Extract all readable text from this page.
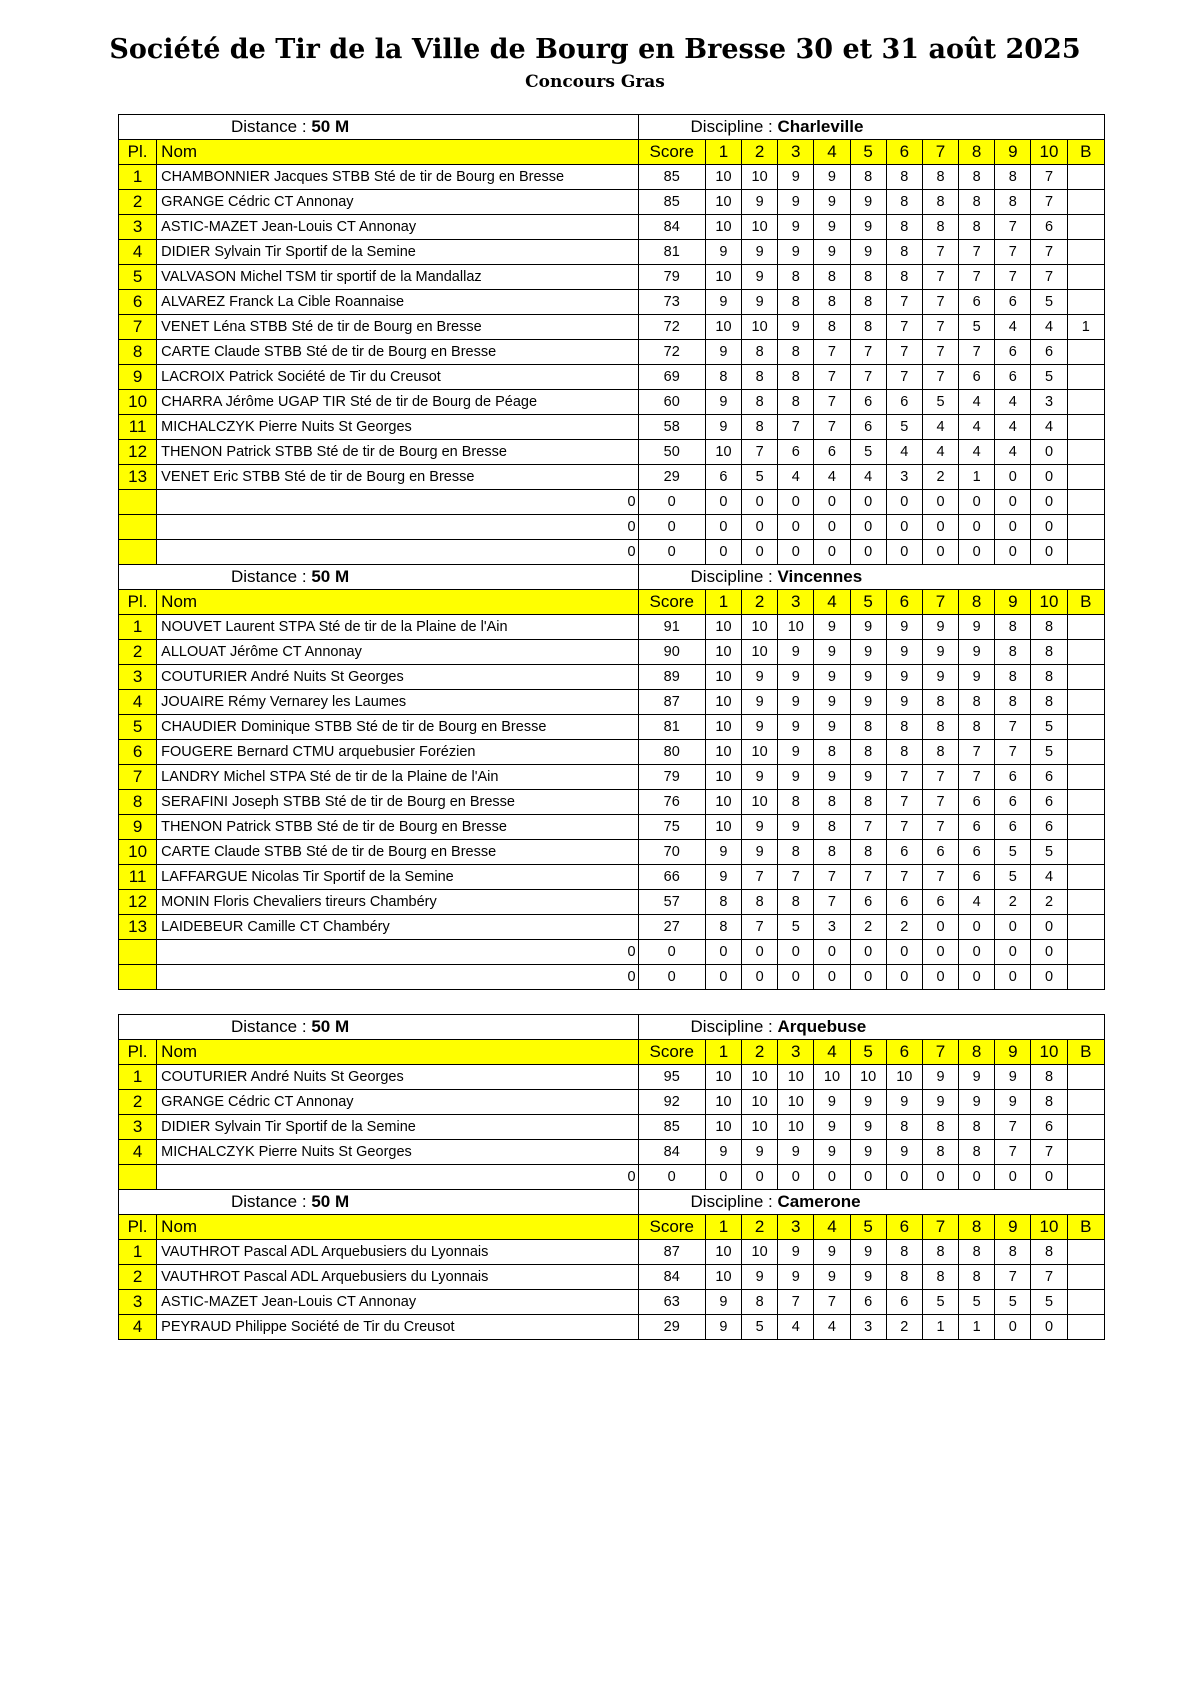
Société de Tir de la Ville de Bourg en Bresse 30 et 31 août 2025
Concours Gras
Distance : 50 M		Discipline : Charleville											
Pl.	Nom	Score	1	2	3	4	5	6	7	8	9	10	B
1	CHAMBONNIER Jacques STBB Sté de tir de Bourg en Bresse	85	10	10	9	9	8	8	8	8	8	7	
2	GRANGE Cédric CT Annonay	85	10	9	9	9	9	8	8	8	8	7	
3	ASTIC-MAZET Jean-Louis CT Annonay	84	10	10	9	9	9	8	8	8	7	6	
4	DIDIER Sylvain Tir Sportif de la Semine	81	9	9	9	9	9	8	7	7	7	7	
5	VALVASON Michel TSM tir sportif de la Mandallaz	79	10	9	8	8	8	8	7	7	7	7	
6	ALVAREZ Franck La Cible Roannaise	73	9	9	8	8	8	7	7	6	6	5	
7	VENET Léna STBB Sté de tir de Bourg en Bresse	72	10	10	9	8	8	7	7	5	4	4	1
8	CARTE Claude STBB Sté de tir de Bourg en Bresse	72	9	8	8	7	7	7	7	7	6	6	
9	LACROIX Patrick Société de Tir du Creusot	69	8	8	8	7	7	7	7	6	6	5	
10	CHARRA Jérôme UGAP TIR Sté de tir de Bourg de Péage	60	9	8	8	7	6	6	5	4	4	3	
11	MICHALCZYK Pierre Nuits St Georges	58	9	8	7	7	6	5	4	4	4	4	
12	THENON Patrick STBB Sté de tir de Bourg en Bresse	50	10	7	6	6	5	4	4	4	4	0	
13	VENET Eric STBB Sté de tir de Bourg en Bresse	29	6	5	4	4	4	3	2	1	0	0	
	0	0	0	0	0	0	0	0	0	0	0	0	
	0	0	0	0	0	0	0	0	0	0	0	0	
	0	0	0	0	0	0	0	0	0	0	0	0	
Distance : 50 M		Discipline : Vincennes											
Pl.	Nom	Score	1	2	3	4	5	6	7	8	9	10	B
1	NOUVET Laurent STPA Sté de tir de la Plaine de l'Ain	91	10	10	10	9	9	9	9	9	8	8	
2	ALLOUAT Jérôme CT Annonay	90	10	10	9	9	9	9	9	9	8	8	
3	COUTURIER André Nuits St Georges	89	10	9	9	9	9	9	9	9	8	8	
4	JOUAIRE Rémy Vernarey les Laumes	87	10	9	9	9	9	9	8	8	8	8	
5	CHAUDIER Dominique STBB Sté de tir de Bourg en Bresse	81	10	9	9	9	8	8	8	8	7	5	
6	FOUGERE Bernard CTMU arquebusier Forézien	80	10	10	9	8	8	8	8	7	7	5	
7	LANDRY Michel STPA Sté de tir de la Plaine de l'Ain	79	10	9	9	9	9	7	7	7	6	6	
8	SERAFINI Joseph STBB Sté de tir de Bourg en Bresse	76	10	10	8	8	8	7	7	6	6	6	
9	THENON Patrick STBB Sté de tir de Bourg en Bresse	75	10	9	9	8	7	7	7	6	6	6	
10	CARTE Claude STBB Sté de tir de Bourg en Bresse	70	9	9	8	8	8	6	6	6	5	5	
11	LAFFARGUE Nicolas Tir Sportif de la Semine	66	9	7	7	7	7	7	7	6	5	4	
12	MONIN Floris Chevaliers tireurs Chambéry	57	8	8	8	7	6	6	6	4	2	2	
13	LAIDEBEUR Camille CT Chambéry	27	8	7	5	3	2	2	0	0	0	0	
	0	0	0	0	0	0	0	0	0	0	0	0	
	0	0	0	0	0	0	0	0	0	0	0	0	
Distance : 50 M		Discipline : Arquebuse											
Pl.	Nom	Score	1	2	3	4	5	6	7	8	9	10	B
1	COUTURIER André Nuits St Georges	95	10	10	10	10	10	10	9	9	9	8	
2	GRANGE Cédric CT Annonay	92	10	10	10	9	9	9	9	9	9	8	
3	DIDIER Sylvain Tir Sportif de la Semine	85	10	10	10	9	9	8	8	8	7	6	
4	MICHALCZYK Pierre Nuits St Georges	84	9	9	9	9	9	9	8	8	7	7	
	0	0	0	0	0	0	0	0	0	0	0	0	
Distance : 50 M		Discipline : Camerone											
Pl.	Nom	Score	1	2	3	4	5	6	7	8	9	10	B
1	VAUTHROT Pascal ADL Arquebusiers du Lyonnais	87	10	10	9	9	9	8	8	8	8	8	
2	VAUTHROT Pascal ADL Arquebusiers du Lyonnais	84	10	9	9	9	9	8	8	8	7	7	
3	ASTIC-MAZET Jean-Louis CT Annonay	63	9	8	7	7	6	6	5	5	5	5	
4	PEYRAUD Philippe Société de Tir du Creusot	29	9	5	4	4	3	2	1	1	0	0	
